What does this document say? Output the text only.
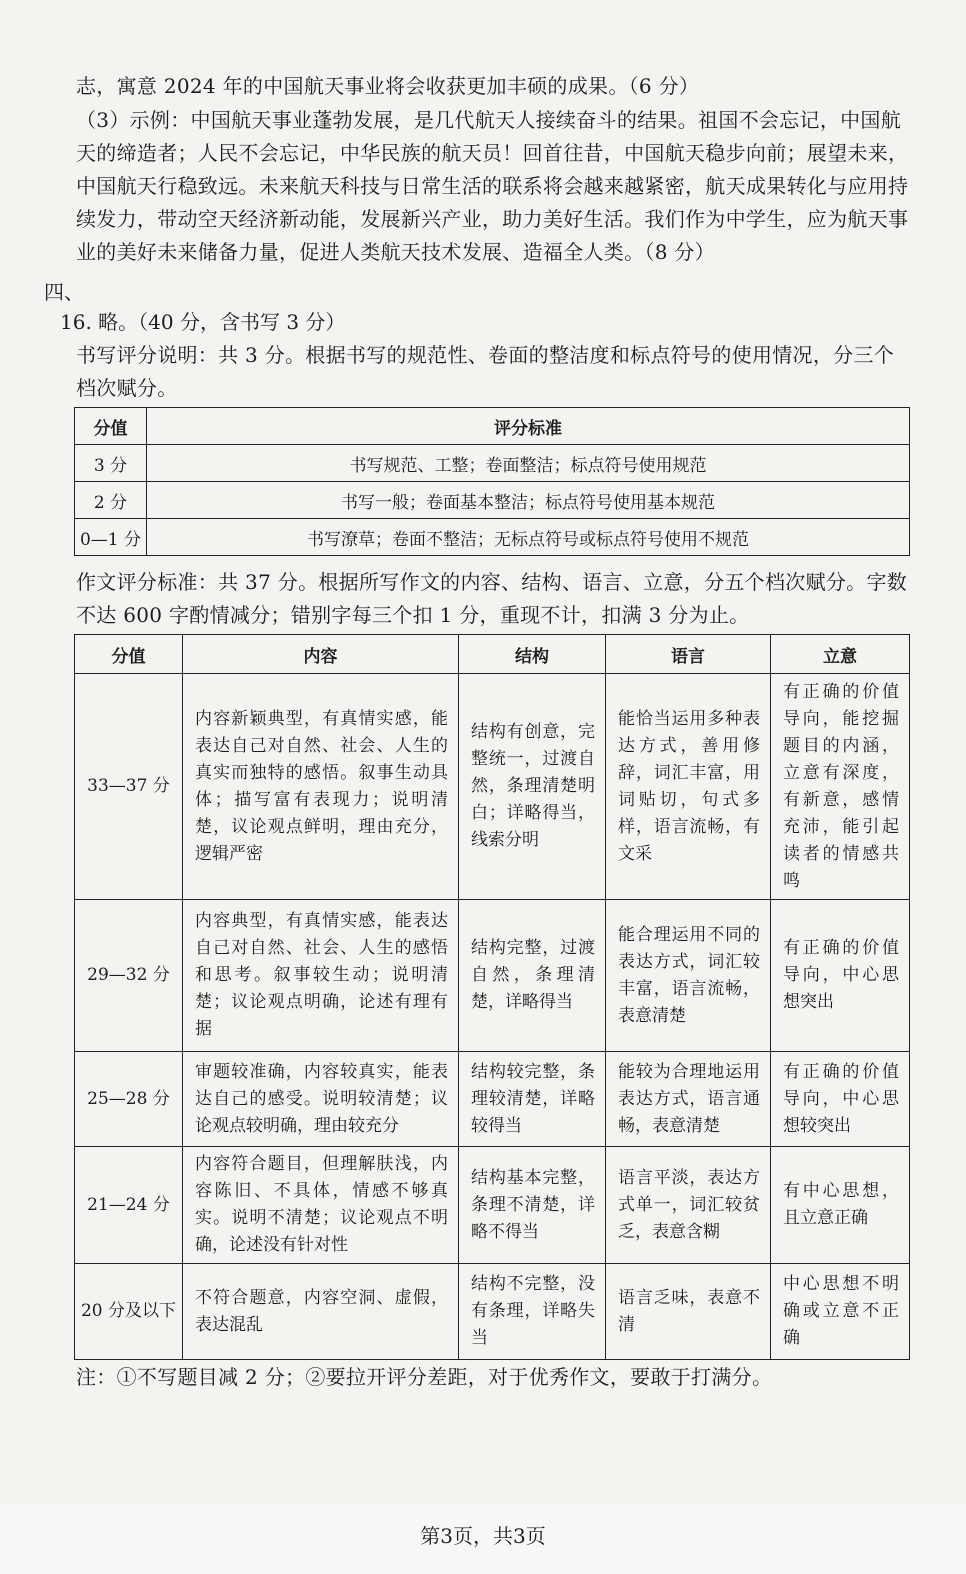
志，寓意 2024 年的中国航天事业将会收获更加丰硕的成果。（6 分）

（3）示例：中国航天事业蓬勃发展，是几代航天人接续奋斗的结果。祖国不会忘记，中国航天的缔造者；人民不会忘记，中华民族的航天员！回首往昔，中国航天稳步向前；展望未来，中国航天行稳致远。未来航天科技与日常生活的联系将会越来越紧密，航天成果转化与应用持续发力，带动空天经济新动能，发展新兴产业，助力美好生活。我们作为中学生，应为航天事业的美好未来储备力量，促进人类航天技术发展、造福全人类。（8 分）

四、

16. 略。（40 分，含书写 3 分）

书写评分说明：共 3 分。根据书写的规范性、卷面的整洁度和标点符号的使用情况，分三个档次赋分。

分值	评分标准
3 分	书写规范、工整；卷面整洁；标点符号使用规范
2 分	书写一般；卷面基本整洁；标点符号使用基本规范
0—1 分	书写潦草；卷面不整洁；无标点符号或标点符号使用不规范

作文评分标准：共 37 分。根据所写作文的内容、结构、语言、立意，分五个档次赋分。字数不达 600 字酌情减分；错别字每三个扣 1 分，重现不计，扣满 3 分为止。

分值	内容	结构	语言	立意
33—37 分	内容新颖典型，有真情实感，能表达自己对自然、社会、人生的真实而独特的感悟。叙事生动具体；描写富有表现力；说明清楚，议论观点鲜明，理由充分，逻辑严密	结构有创意，完整统一，过渡自然，条理清楚明白；详略得当，线索分明	能恰当运用多种表达方式，善用修辞，词汇丰富，用词贴切，句式多样，语言流畅，有文采	有正确的价值导向，能挖掘题目的内涵，立意有深度，有新意，感情充沛，能引起读者的情感共鸣
29—32 分	内容典型，有真情实感，能表达自己对自然、社会、人生的感悟和思考。叙事较生动；说明清楚；议论观点明确，论述有理有据	结构完整，过渡自然，条理清楚，详略得当	能合理运用不同的表达方式，词汇较丰富，语言流畅，表意清楚	有正确的价值导向，中心思想突出
25—28 分	审题较准确，内容较真实，能表达自己的感受。说明较清楚；议论观点较明确，理由较充分	结构较完整，条理较清楚，详略较得当	能较为合理地运用表达方式，语言通畅，表意清楚	有正确的价值导向，中心思想较突出
21—24 分	内容符合题目，但理解肤浅，内容陈旧、不具体，情感不够真实。说明不清楚；议论观点不明确，论述没有针对性	结构基本完整，条理不清楚，详略不得当	语言平淡，表达方式单一，词汇较贫乏，表意含糊	有中心思想，且立意正确
20 分及以下	不符合题意，内容空洞、虚假，表达混乱	结构不完整，没有条理，详略失当	语言乏味，表意不清	中心思想不明确或立意不正确

注：①不写题目减 2 分；②要拉开评分差距，对于优秀作文，要敢于打满分。

第3页，共3页
